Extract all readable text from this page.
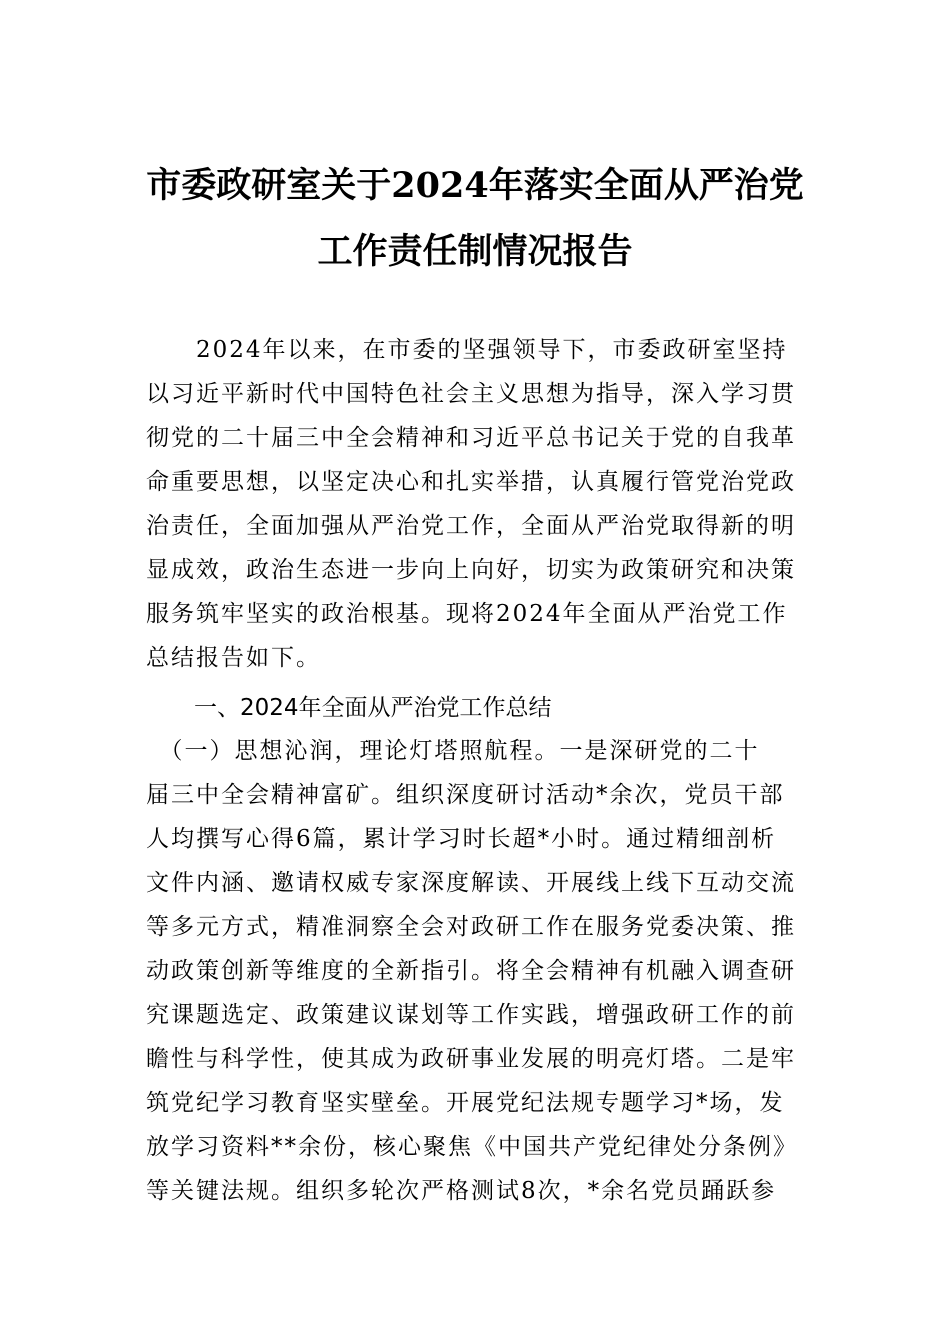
市委政研室关于2024年落实全面从严治党
工作责任制情况报告
　　2024年以来，在市委的坚强领导下，市委政研室坚持
以习近平新时代中国特色社会主义思想为指导，深入学习贯
彻党的二十届三中全会精神和习近平总书记关于党的自我革
命重要思想，以坚定决心和扎实举措，认真履行管党治党政
治责任，全面加强从严治党工作，全面从严治党取得新的明
显成效，政治生态进一步向上向好，切实为政策研究和决策
服务筑牢坚实的政治根基。现将2024年全面从严治党工作
总结报告如下。
一、2024年全面从严治党工作总结
　（一）思想沁润，理论灯塔照航程。一是深研党的二十
届三中全会精神富矿。组织深度研讨活动*余次，党员干部
人均撰写心得6篇，累计学习时长超*小时。通过精细剖析
文件内涵、邀请权威专家深度解读、开展线上线下互动交流
等多元方式，精准洞察全会对政研工作在服务党委决策、推
动政策创新等维度的全新指引。将全会精神有机融入调查研
究课题选定、政策建议谋划等工作实践，增强政研工作的前
瞻性与科学性，使其成为政研事业发展的明亮灯塔。二是牢
筑党纪学习教育坚实壁垒。开展党纪法规专题学习*场，发
放学习资料**余份，核心聚焦《中国共产党纪律处分条例》
等关键法规。组织多轮次严格测试8次，*余名党员踊跃参
